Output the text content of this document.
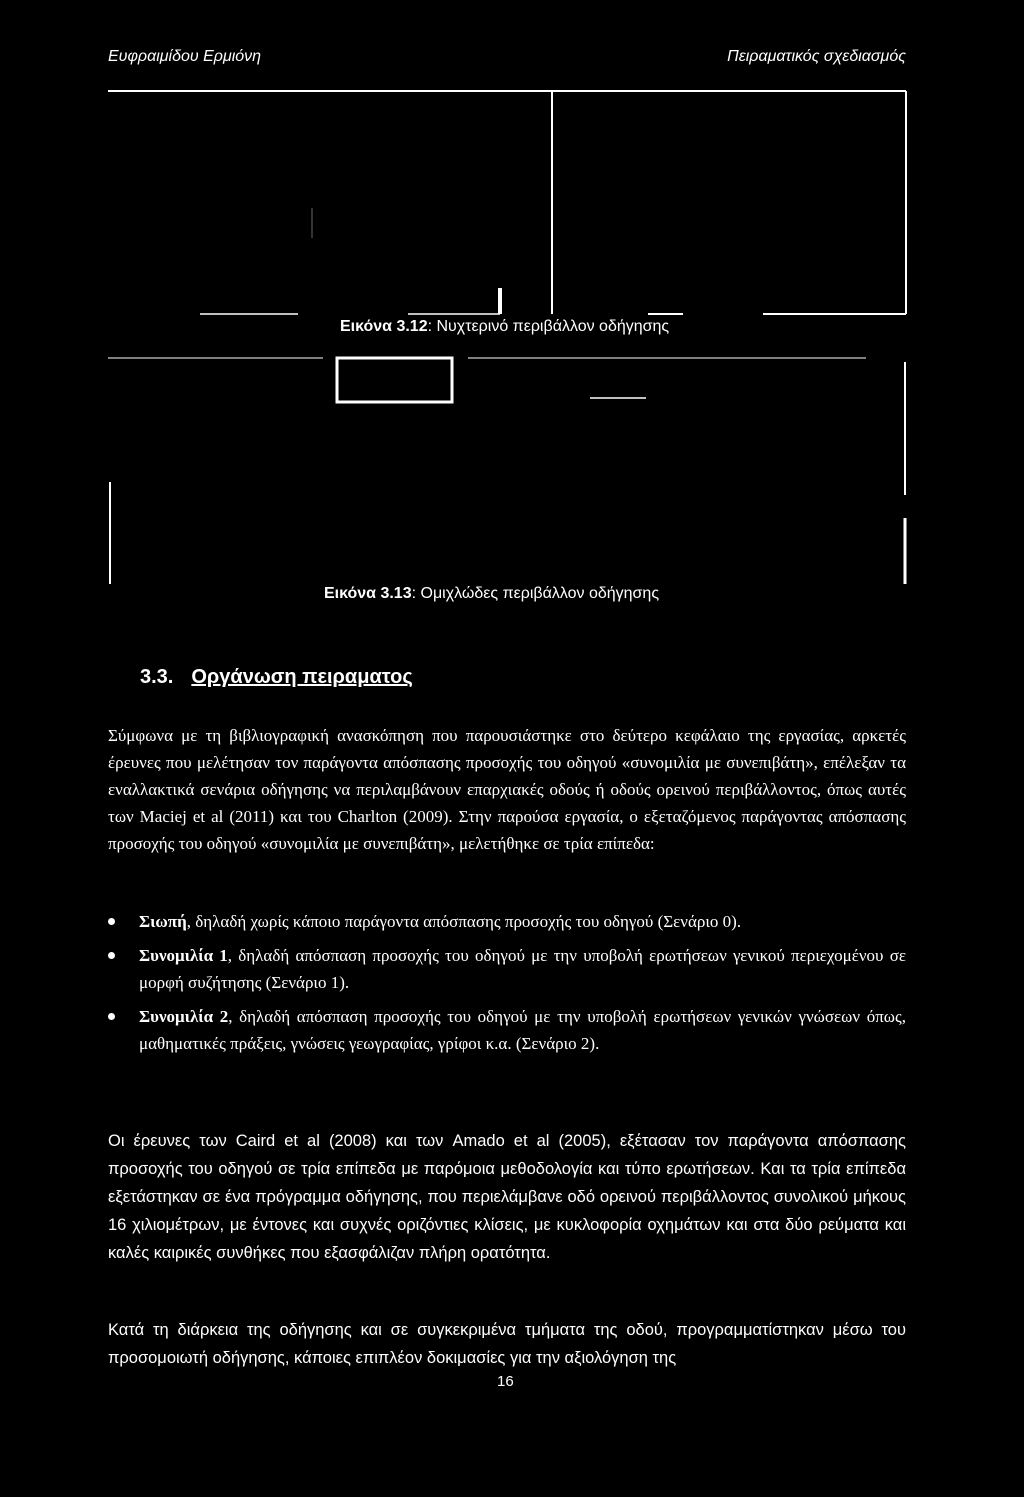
Ευφραιμίδου Ερμιόνη	Πειραματικός σχεδιασμός
Εικόνα 3.12: Νυχτερινό περιβάλλον οδήγησης
Εικόνα 3.13: Ομιχλώδες περιβάλλον οδήγησης
3.3. Οργάνωση πειραματος
Σύμφωνα με τη βιβλιογραφική ανασκόπηση που παρουσιάστηκε στο δεύτερο κεφάλαιο της εργασίας, αρκετές έρευνες που μελέτησαν τον παράγοντα απόσπασης προσοχής του οδηγού «συνομιλία με συνεπιβάτη», επέλεξαν τα εναλλακτικά σενάρια οδήγησης να περιλαμβάνουν επαρχιακές οδούς ή οδούς ορεινού περιβάλλοντος, όπως αυτές των Maciej et al (2011) και του Charlton (2009). Στην παρούσα εργασία, ο εξεταζόμενος παράγοντας απόσπασης προσοχής του οδηγού «συνομιλία με συνεπιβάτη», μελετήθηκε σε τρία επίπεδα:
Σιωπή, δηλαδή χωρίς κάποιο παράγοντα απόσπασης προσοχής του οδηγού (Σενάριο 0).
Συνομιλία 1, δηλαδή απόσπαση προσοχής του οδηγού με την υποβολή ερωτήσεων γενικού περιεχομένου σε μορφή συζήτησης (Σενάριο 1).
Συνομιλία 2, δηλαδή απόσπαση προσοχής του οδηγού με την υποβολή ερωτήσεων γενικών γνώσεων όπως, μαθηματικές πράξεις, γνώσεις γεωγραφίας, γρίφοι κ.α. (Σενάριο 2).
Οι έρευνες των Caird et al (2008) και των Amado et al (2005), εξέτασαν τον παράγοντα απόσπασης προσοχής του οδηγού σε τρία επίπεδα με παρόμοια μεθοδολογία και τύπο ερωτήσεων. Και τα τρία επίπεδα εξετάστηκαν σε ένα πρόγραμμα οδήγησης, που περιελάμβανε οδό ορεινού περιβάλλοντος συνολικού μήκους 16 χιλιομέτρων, με έντονες και συχνές οριζόντιες κλίσεις, με κυκλοφορία οχημάτων και στα δύο ρεύματα και καλές καιρικές συνθήκες που εξασφάλιζαν πλήρη ορατότητα.
Κατά τη διάρκεια της οδήγησης και σε συγκεκριμένα τμήματα της οδού, προγραμματίστηκαν μέσω του προσομοιωτή οδήγησης, κάποιες επιπλέον δοκιμασίες για την αξιολόγηση της
16
